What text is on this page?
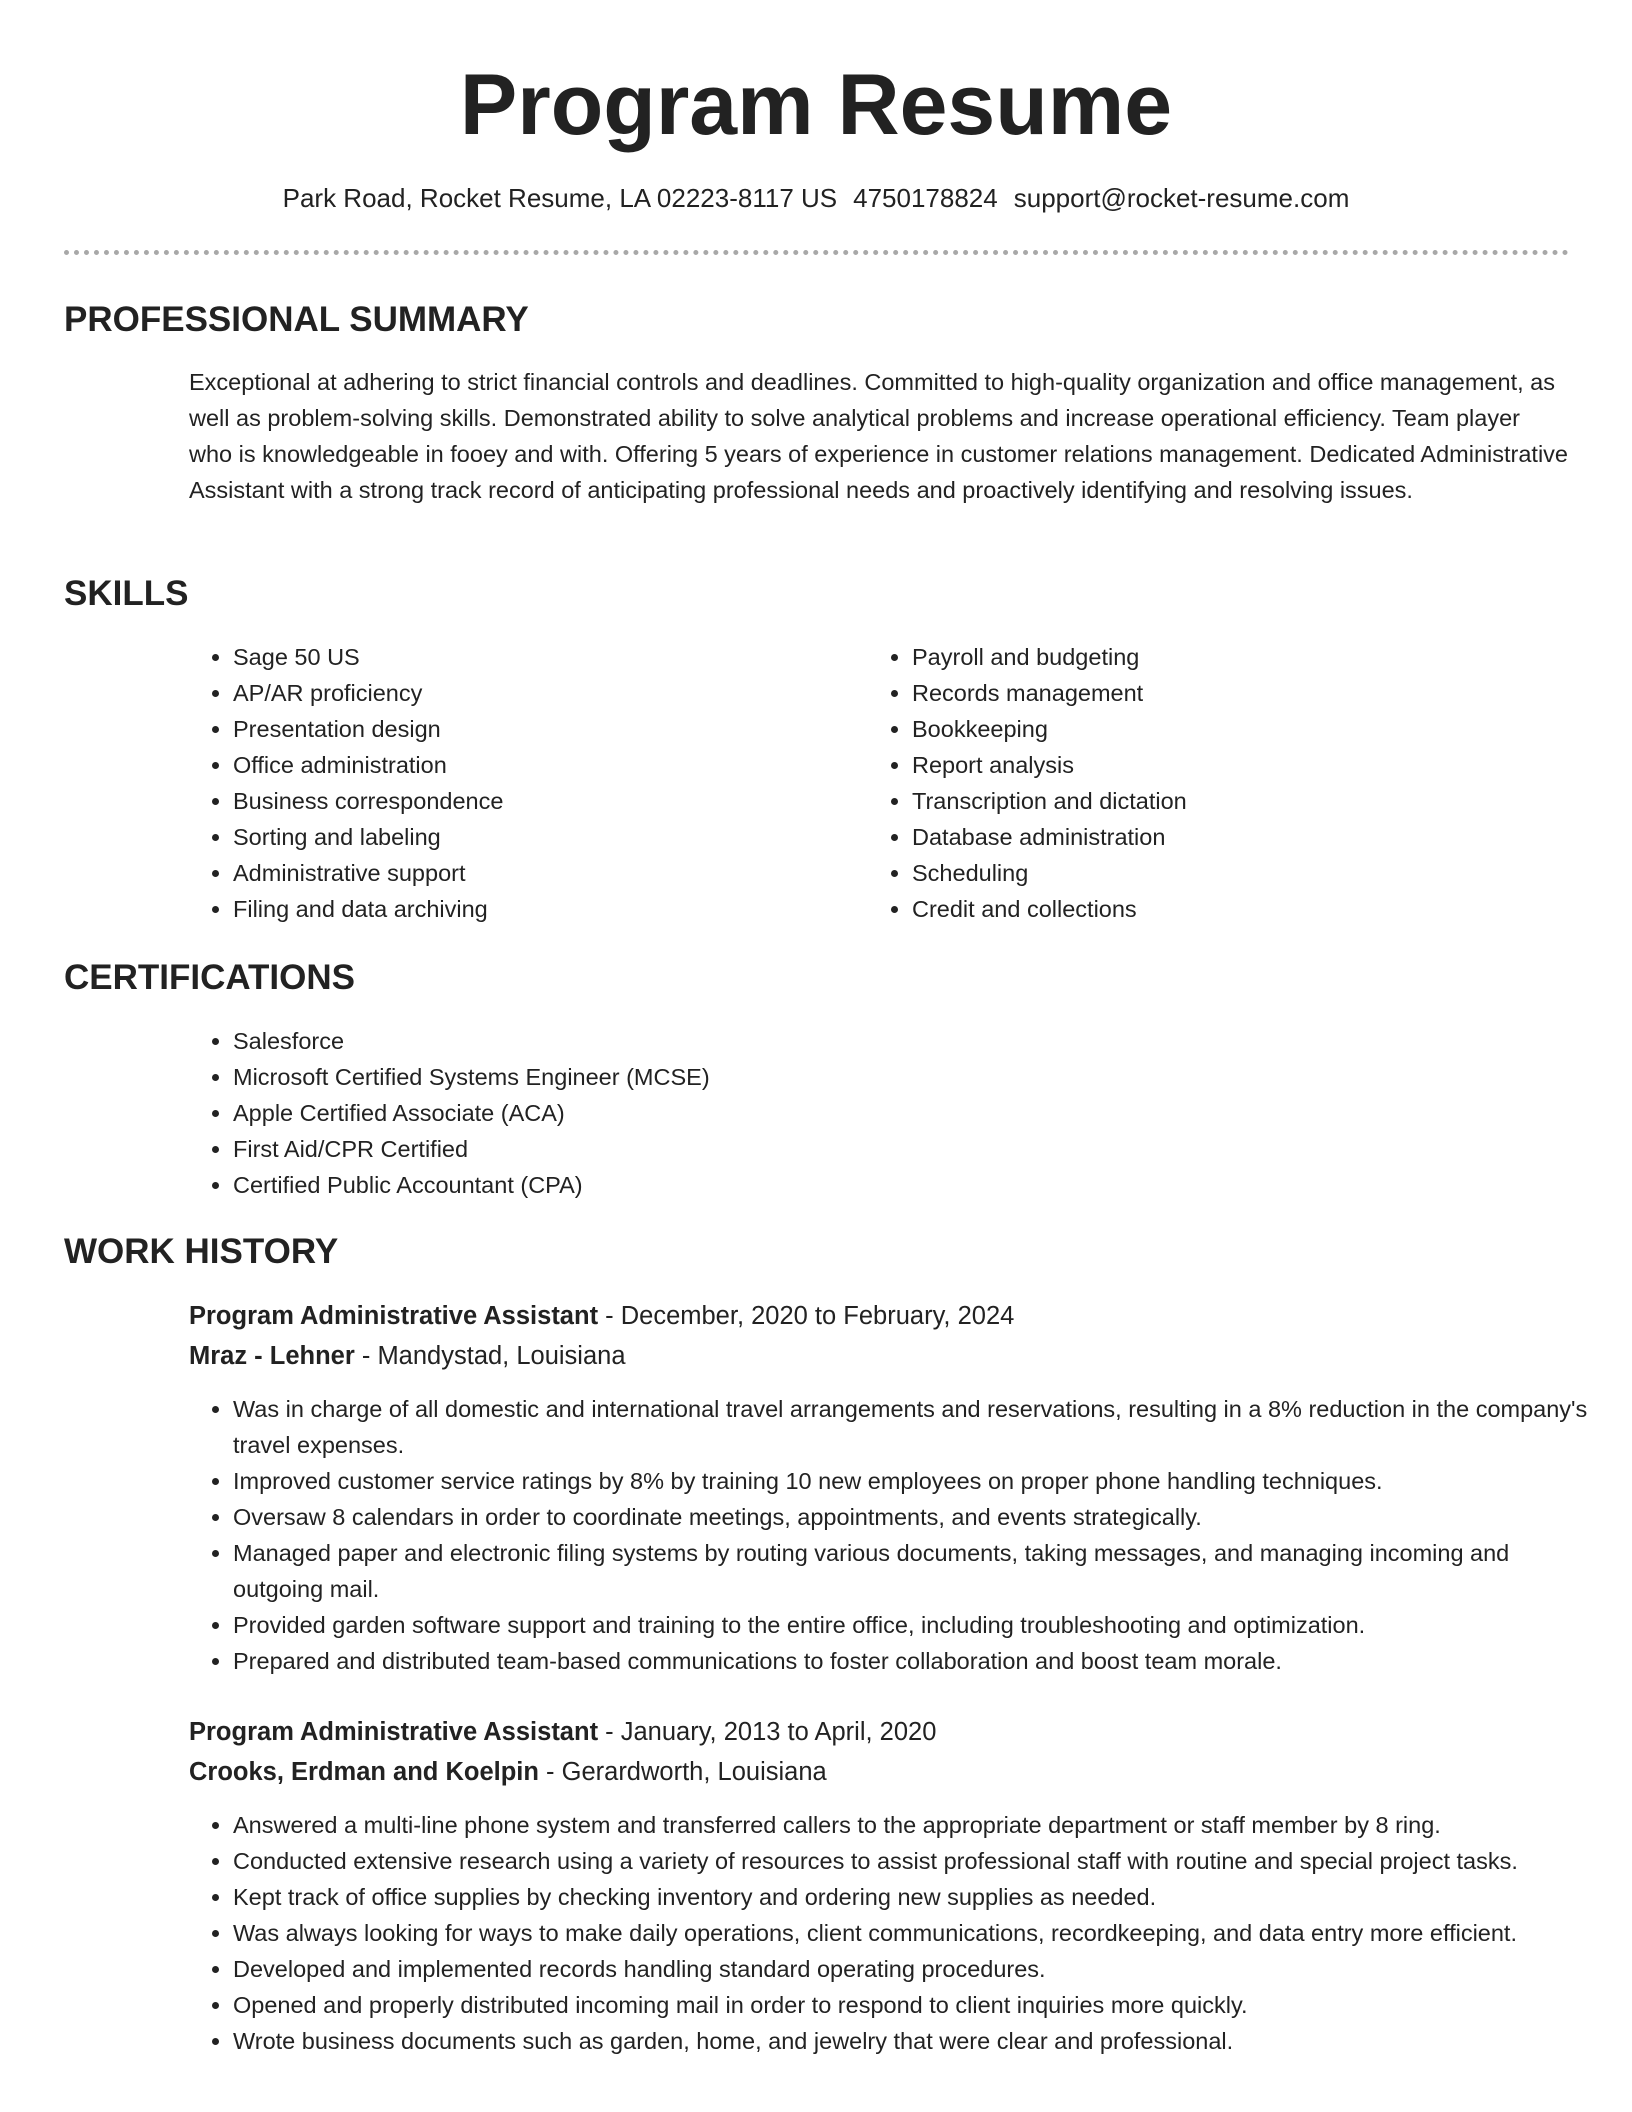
Program Resume
Park Road, Rocket Resume, LA 02223-8117 US 4750178824 support@rocket-resume.com
PROFESSIONAL SUMMARY
Exceptional at adhering to strict financial controls and deadlines. Committed to high-quality organization and office management, as well as problem-solving skills. Demonstrated ability to solve analytical problems and increase operational efficiency. Team player who is knowledgeable in fooey and with. Offering 5 years of experience in customer relations management. Dedicated Administrative Assistant with a strong track record of anticipating professional needs and proactively identifying and resolving issues.
SKILLS
• Sage 50 US
• AP/AR proficiency
• Presentation design
• Office administration
• Business correspondence
• Sorting and labeling
• Administrative support
• Filing and data archiving
• Payroll and budgeting
• Records management
• Bookkeeping
• Report analysis
• Transcription and dictation
• Database administration
• Scheduling
• Credit and collections
CERTIFICATIONS
• Salesforce
• Microsoft Certified Systems Engineer (MCSE)
• Apple Certified Associate (ACA)
• First Aid/CPR Certified
• Certified Public Accountant (CPA)
WORK HISTORY
Program Administrative Assistant - December, 2020 to February, 2024
Mraz - Lehner - Mandystad, Louisiana
• Was in charge of all domestic and international travel arrangements and reservations, resulting in a 8% reduction in the company's travel expenses.
• Improved customer service ratings by 8% by training 10 new employees on proper phone handling techniques.
• Oversaw 8 calendars in order to coordinate meetings, appointments, and events strategically.
• Managed paper and electronic filing systems by routing various documents, taking messages, and managing incoming and outgoing mail.
• Provided garden software support and training to the entire office, including troubleshooting and optimization.
• Prepared and distributed team-based communications to foster collaboration and boost team morale.
Program Administrative Assistant - January, 2013 to April, 2020
Crooks, Erdman and Koelpin - Gerardworth, Louisiana
• Answered a multi-line phone system and transferred callers to the appropriate department or staff member by 8 ring.
• Conducted extensive research using a variety of resources to assist professional staff with routine and special project tasks.
• Kept track of office supplies by checking inventory and ordering new supplies as needed.
• Was always looking for ways to make daily operations, client communications, recordkeeping, and data entry more efficient.
• Developed and implemented records handling standard operating procedures.
• Opened and properly distributed incoming mail in order to respond to client inquiries more quickly.
• Wrote business documents such as garden, home, and jewelry that were clear and professional.
